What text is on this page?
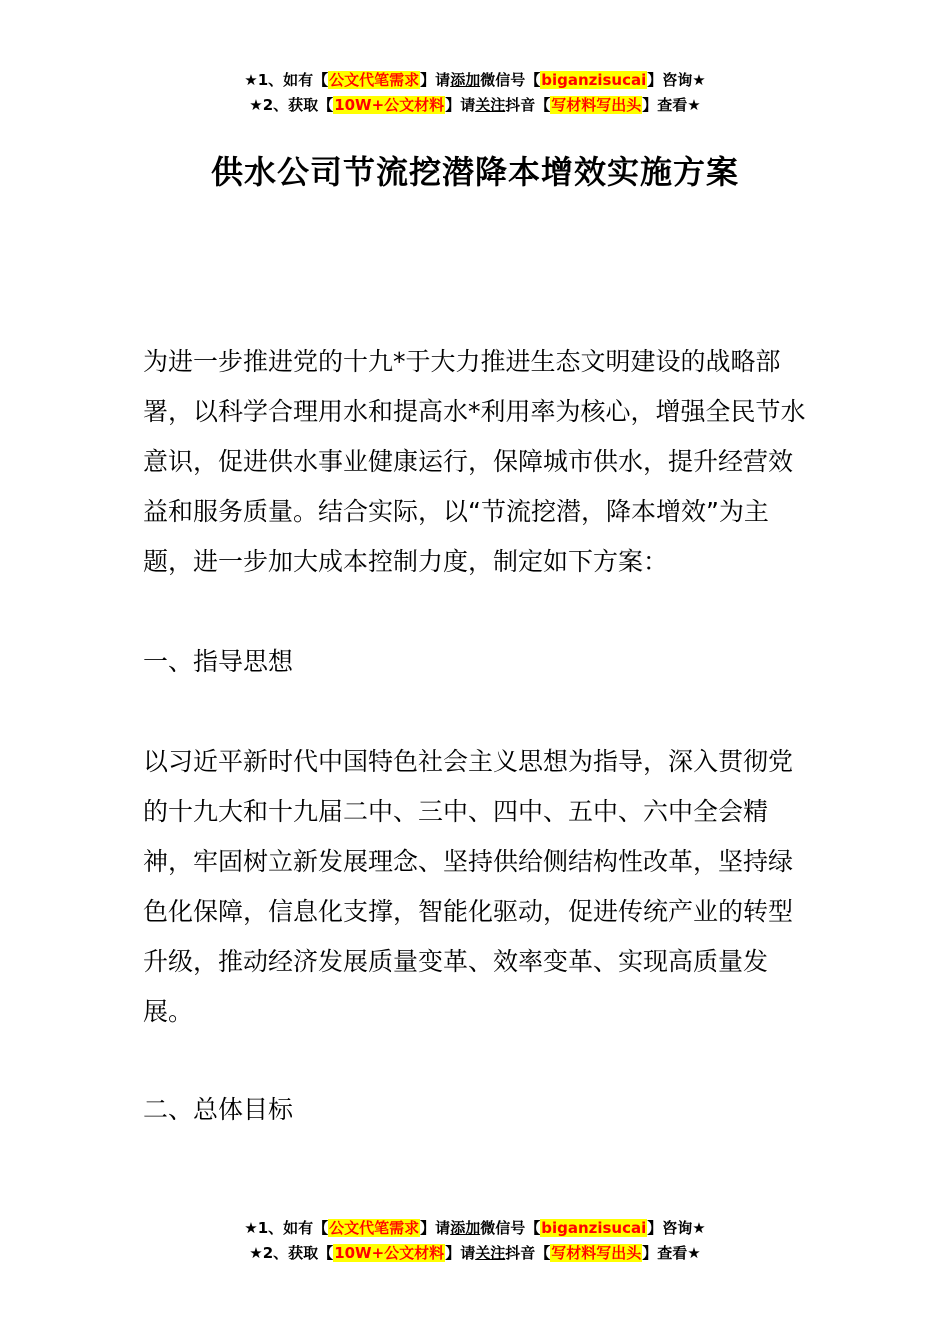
★1、如有【公文代笔需求】请添加微信号【biganzisucai】咨询★
★2、获取【10W+公文材料】请关注抖音【写材料写出头】查看★
供水公司节流挖潜降本增效实施方案
为进一步推进党的十九*于大力推进生态文明建设的战略部署，以科学合理用水和提高水*利用率为核心，增强全民节水意识，促进供水事业健康运行，保障城市供水，提升经营效益和服务质量。结合实际，以“节流挖潜，降本增效”为主题，进一步加大成本控制力度，制定如下方案：
一、指导思想
以习近平新时代中国特色社会主义思想为指导，深入贯彻党的十九大和十九届二中、三中、四中、五中、六中全会精神，牢固树立新发展理念、坚持供给侧结构性改革，坚持绿色化保障，信息化支撑，智能化驱动，促进传统产业的转型升级，推动经济发展质量变革、效率变革、实现高质量发展。
二、总体目标
★1、如有【公文代笔需求】请添加微信号【biganzisucai】咨询★
★2、获取【10W+公文材料】请关注抖音【写材料写出头】查看★
